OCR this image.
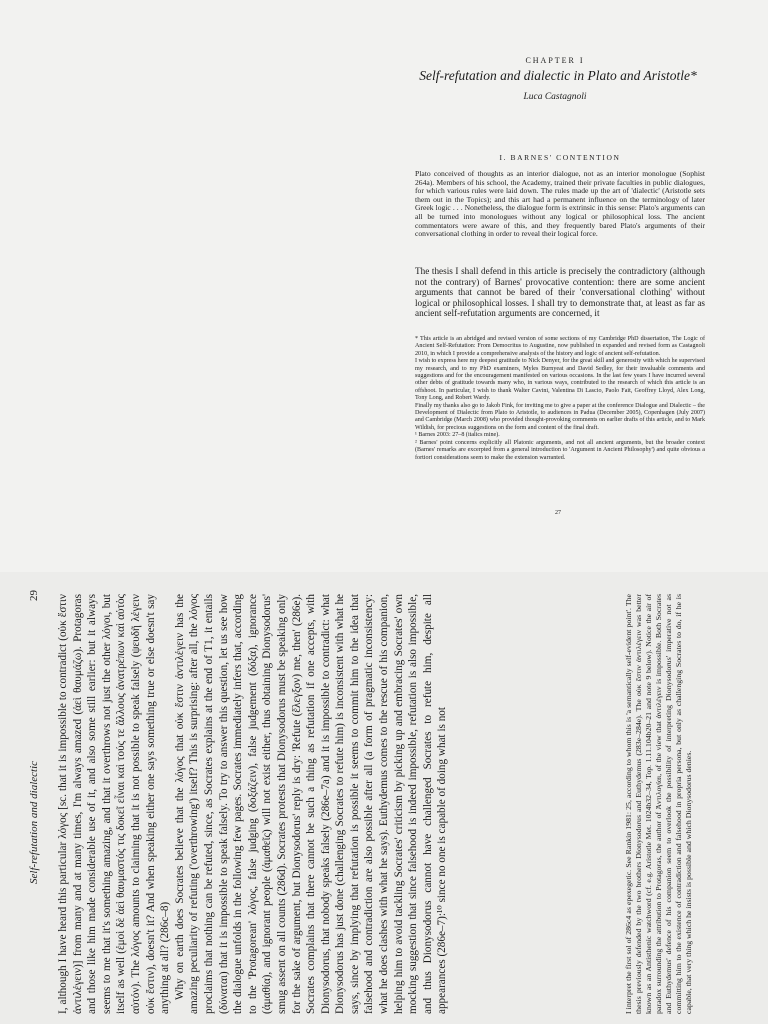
CHAPTER I
Self-refutation and dialectic in Plato and Aristotle*
Luca Castagnoli
I. BARNES' CONTENTION

Plato conceived of thoughts as an interior dialogue, not as an interior monologue (Sophist 264a). Members of his school, the Academy, trained their private faculties in public dialogues, for which various rules were laid down. The rules made up the art of 'dialectic' (Aristotle sets them out in the Topics); and this art had a permanent influence on the terminology of later Greek logic . . . Nonetheless, the dialogue form is extrinsic in this sense: Plato's arguments can all be turned into monologues without any logical or philosophical loss. The ancient commentators were aware of this, and they frequently bared Plato's arguments of their conversational clothing in order to reveal their logical force.

The thesis I shall defend in this article is precisely the contradictory (although not the contrary) of Barnes' provocative contention: there are some ancient arguments that cannot be bared of their 'conversational clothing' without logical or philosophical losses. I shall try to demonstrate that, at least as far as ancient self-refutation arguments are concerned, it

* This article is an abridged and revised version of some sections of my Cambridge PhD dissertation, The Logic of Ancient Self-Refutation: From Democritus to Augustine, now published in expanded and revised form as Castagnoli 2010, in which I provide a comprehensive analysis of the history and logic of ancient self-refutation.

I wish to express here my deepest gratitude to Nick Denyer, for the great skill and generosity with which he supervised my research, and to my PhD examiners, Myles Burnyeat and David Sedley, for their invaluable comments and suggestions and for the encouragement manifested on various occasions. In the last few years I have incurred several other debts of gratitude towards many who, in various ways, contributed to the research of which this article is an offshoot. In particular, I wish to thank Walter Cavini, Valentina Di Lascio, Paolo Fait, Geoffrey Lloyd, Alex Long, Tony Long, and Robert Wardy.

Finally my thanks also go to Jakob Fink, for inviting me to give a paper at the conference Dialogue and Dialectic – the Development of Dialectic from Plato to Aristotle, to audiences in Padua (December 2005), Copenhagen (July 2007) and Cambridge (March 2008) who provided thought-provoking comments on earlier drafts of this article, and to Mark Wildish, for precious suggestions on the form and content of the final draft.

¹ Barnes 2003: 27–8 (italics mine).

² Barnes' point concerns explicitly all Platonic arguments, and not all ancient arguments, but the broader context (Barnes' remarks are excerpted from a general introduction to 'Argument in Ancient Philosophy') and quite obvious a fortiori considerations seem to make the extension warranted.

27
Self-refutation and dialectic
29 I, although I have heard this particular λόγος [sc. that it is impossible to contradict (οὐκ ἔστιν ἀντιλέγειν)] from many and at many times, I'm always amazed (ἀεὶ θαυμάζω). Protagoras and those like him made considerable use of it, and also some still earlier: but it always seems to me that it's something amazing, and that it overthrows not just the other λόγοι, but itself as well (ἐμοὶ δὲ ἀεὶ θαυμαστός τις δοκεῖ εἶναι καὶ τούς τε ἄλλους ἀνατρέπων καὶ αὐτὸς αὑτόν). The λόγος amounts to claiming that it is not possible to speak falsely (ψευδῆ λέγειν οὐκ ἔστιν), doesn't it? And when speaking either one says something true or else doesn't say anything at all? (286c–8) Why on earth does Socrates believe that the λόγος that οὐκ ἔστιν ἀντιλέγειν has the amazing peculiarity of refuting ('overthrowing') itself? This is surprising: after all, the λόγος proclaims that nothing can be refuted, since, as Socrates explains at the end of T1, it entails (δύναται) that it is impossible to speak falsely. To try to answer this question, let us see how the dialogue unfolds in the following few pages. Socrates immediately infers that, according to the 'Protagorean' λόγος, false judging (δοξάζειν), false judgement (δόξα), ignorance (ἀμαθία), and ignorant people (ἀμαθεῖς) will not exist either, thus obtaining Dionysodorus' smug assent on all counts (286d). Socrates protests that Dionysodorus must be speaking only for the sake of argument, but Dionysodorus' reply is dry: 'Refute (ἔλεγξον) me, then' (286e). Socrates complains that there cannot be such a thing as refutation if one accepts, with Dionysodorus, that nobody speaks falsely (286e–7a) and it is impossible to contradict: what Dionysodorus has just done (challenging Socrates to refute him) is inconsistent with what he says, since by implying that refutation is possible it seems to commit him to the idea that falsehood and contradiction are also possible after all (a form of pragmatic inconsistency: what he does clashes with what he says). Euthydemus comes to the rescue of his companion, helping him to avoid tackling Socrates' criticism by picking up and embracing Socrates' own mocking suggestion that since falsehood is indeed impossible, refutation is also impossible, and thus Dionysodorus cannot have challenged Socrates to refute him, despite all appearances (286e–7):¹⁰ since no one is capable of doing what is not	I interpret the first sol of 286c4 as epexegetic. See Rankin 1981: 25, according to whom this is 'a semantically self-evident point'. The thesis previously defended by the two brothers Dionysodorus and Euthydemus (283e–284e). The οὐκ ἔστιν ἀντιλέγειν was better known as an Antisthenic watchword (cf. e.g. Aristotle Met. 1024b32–34, Top. 1.11.104b20–21 and note 9 below). Notice the air of paradox surrounding the attribution to Protagoras, the author of Ἀντιλογίαι, of the view that ἀντιλέγειν is impossible. Both Socrates and Euthydemus' defence of his companion seem to overlook the possibility of interpreting Dionysodorus' imperative not as committing him to the existence of contradiction and falsehood in propria persona, but only as challenging Socrates to do, if he is capable, that very thing which he insists is possible and which Dionysodorus denies.
